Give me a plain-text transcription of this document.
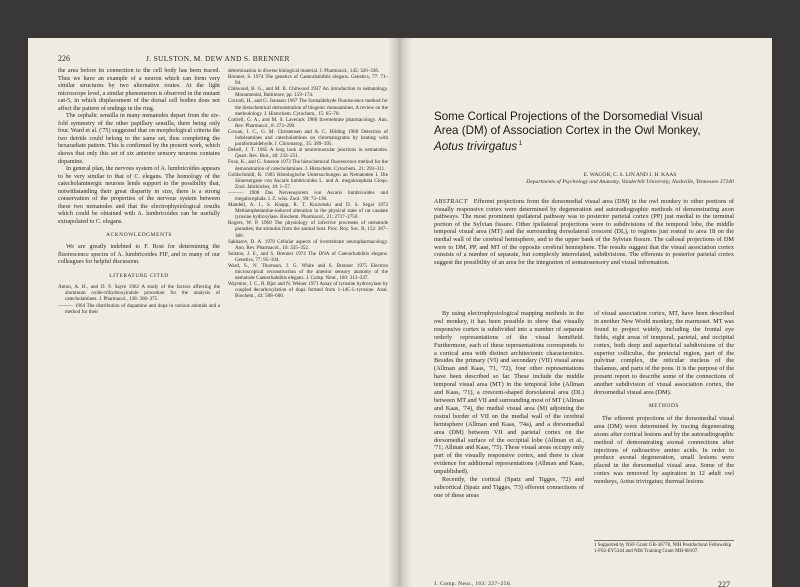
226	J. SULSTON, M. DEW AND S. BRENNER

the area before its connection to the cell body has been traced. Thus we have an example of a neuron which can form very similar structures by two alternative routes. At the light microscope level, a similar phenomenon is observed in the mutant cat-5, in which displacement of the dorsal cell bodies does not affect the pattern of endings in the ring.

The cephalic sensilla in many nematodes depart from the six-fold symmetry of the other papillary sensilla, there being only four. Ward et al. ('75) suggested that on morphological criteria the two deirids could belong to the same set, thus completing the hexaradiate pattern. This is confirmed by the present work, which shows that only this set of six anterior sensory neurons contains dopamine.

In general plan, the nervous system of A. lumbricoides appears to be very similar to that of C. elegans. The homology of the catecholaminergic neurons lends support to the possibility that, notwithstanding their great disparity in size, there is a strong conservation of the properties of the nervous system between these two nematodes and that the electrophysiological results which could be obtained with A. lumbricoides can be usefully extrapolated to C. elegans.

ACKNOWLEDGMENTS

We are greatly indebted to F. Rost for determining the fluorescence spectra of A. lumbricoides FIF, and to many of our colleagues for helpful discussion.

LITERATURE CITED

Anton, A. H., and D. F. Sayre 1962 A study of the factors affecting the aluminum oxide-trihydroxyindole procedure for the analysis of catecholamines. J. Pharmacol., 138: 360–375.

——— 1964 The distribution of dopamine and dopa in various animals and a method for their

determination in diverse biological material. J. Pharmacol., 145: 326–336.

Brenner, S. 1974 The genetics of Caenorhabditis elegans. Genetics, 77: 71–94.

Chitwood, B. G., and M. B. Chitwood 1937 An introduction to nematology. Monumental, Baltimore, pp. 159–174.

Corrodi, H., and G. Jonsson 1967 The formaldehyde fluorescence method for the histochemical demonstration of biogenic monoamines. A review on the methodology. J. Histochem. Cytochem., 15: 65–78.

Cottrell, G. A., and M. S. Laverack 1968 Invertebrate pharmacology. Ann. Rev. Pharmacol., 8: 273–298.

Cowan, I. C., G. M. Christensen and A. C. Hilding 1968 Detection of indoleamines and catecholamines on chromatograms by heating with paraformaldehyde. J. Chromatog., 35: 389–395.

Debell, J. T. 1965 A long look at neuromuscular junctions in nematodes. Quart. Rev. Biol., 40: 233–251.

Fuxe, K., and G. Jonsson 1973 The histochemical fluorescence method for the demonstration of catecholamines. J. Histochem. Cytochem., 21: 293–311.

Goldschmidt, R. 1903 Histologische Untersuchungen an Nematoden I. Die Sinnesorgane von Ascaris lumbricoides L. und A. megalocephala Cloqu. Zool. Jahrbücher, 18: 1–57.

——— 1908 Das Nervensystem von Ascaris lumbricoides und megalocephala. I. Z. wiss. Zool., 90: 73–136.

Mandell, A. J., S. Knapp, R. T. Kuczenski and D. S. Segal 1972 Methamphetamine-induced alteration in the physical state of rat caudate tyrosine hydroxylase. Biochem. Pharmacol., 21: 2737–2750.

Rogers, W. P. 1960 The physiology of infective processes of nematode parasites; the stimulus from the animal host. Proc. Roy. Soc. B, 152: 367–386.

Sakharov, D. A. 1970 Cellular aspects of invertebrate neuropharmacology. Ann. Rev. Pharmacol., 10: 335–352.

Sulston, J. E., and S. Brenner 1974 The DNA of Caenorhabditis elegans. Genetics, 77: 95–104.

Ward, S., N. Thomson, J. G. White and S. Brenner 1975 Electron microscopical reconstruction of the anterior sensory anatomy of the nematode Caenorhabditis elegans. J. Comp. Neur., 160: 313–337.

Waymire, J. C., R. Bjur and N. Weiner 1971 Assay of tyrosine hydroxylase by coupled decarboxylation of dopa formed from 1-14C-L-tyrosine. Anal. Biochem., 43: 588–600.

Some Cortical Projections of the Dorsomedial Visual Area (DM) of Association Cortex in the Owl Monkey, Aotus trivirgatus $^1$
E. WAGOR, C. S. LIN AND J. H. KAAS
Departments of Psychology and Anatomy, Vanderbilt University, Nashville, Tennessee 37240
ABSTRACT Efferent projections from the dorsomedial visual area (DM) in the owl monkey to other portions of visually responsive cortex were determined by degeneration and autoradiographic methods of demonstrating axon pathways. The most prominent ipsilateral pathway was to posterior parietal cortex (PP) just medial to the terminal portion of the Sylvian fissure. Other ipsilateral projections were to subdivisions of the temporal lobe, the middle temporal visual area (MT) and the surrounding dorsolateral crescent (DL), to regions just rostral to area 18 on the medial wall of the cerebral hemisphere, and to the upper bank of the Sylvian fissure. The callosal projections of DM were to DM, PP, and MT of the opposite cerebral hemisphere. The results suggest that the visual association cortex consists of a number of separate, but complexly interrelated, subdivisions. The efferents to posterior parietal cortex suggest the possibility of an area for the integration of somatosensory and visual information.

By using electrophysiological mapping methods in the owl monkey, it has been possible to show that visually responsive cortex is subdivided into a number of separate orderly representations of the visual hemifield. Furthermore, each of these representations corresponds to a cortical area with distinct architectonic characteristics. Besides the primary (VI) and secondary (VII) visual areas (Allman and Kaas, '71, '72), four other representations have been described so far. These include the middle temporal visual area (MT) in the temporal lobe (Allman and Kaas, '71), a crescent-shaped dorsolateral area (DL) between MT and VII and surrounding most of MT (Allman and Kaas, '74), the medial visual area (M) adjoining the rostral border of VII on the medial wall of the cerebral hemisphere (Allman and Kaas, '74a), and a dorsomedial area (DM) between VII and parietal cortex on the dorsomedial surface of the occipital lobe (Allman et al., '71; Allman and Kaas, '75). These visual areas occupy only part of the visually responsive cortex, and there is clear evidence for additional representations (Allman and Kaas, unpublished).

Recently, the cortical (Spatz and Tigges, '72) and subcortical (Spatz and Tigges, '73) efferent connections of one of these areas

of visual association cortex, MT, have been described in another New World monkey, the marmoset. MT was found to project widely, including the frontal eye fields, eight areas of temporal, parietal, and occipital cortex, both deep and superficial subdivisions of the superior colliculus, the pretectal region, part of the pulvinar complex, the reticular nucleus of the thalamus, and parts of the pons. It is the purpose of the present report to describe some of the connections of another subdivision of visual association cortex, the dorsomedial visual area (DM).

METHODS

The efferent projections of the dorsomedial visual area (DM) were determined by tracing degenerating axons after cortical lesions and by the autoradiographic method of demonstrating axonal connections after injections of radioactive amino acids. In order to produce axonal degeneration, small lesions were placed in the dorsomedial visual area. Some of the cortex was removed by aspiration in 12 adult owl monkeys, Aotus trivirgatus; thermal lesions

1 Supported by NSF Grant GB-36778, NIH Postdoctoral Fellowship 1-F02-EY5344 and NIH Training Grant MH-08107.
J. Comp. Neur., 163: 227–250.	227
